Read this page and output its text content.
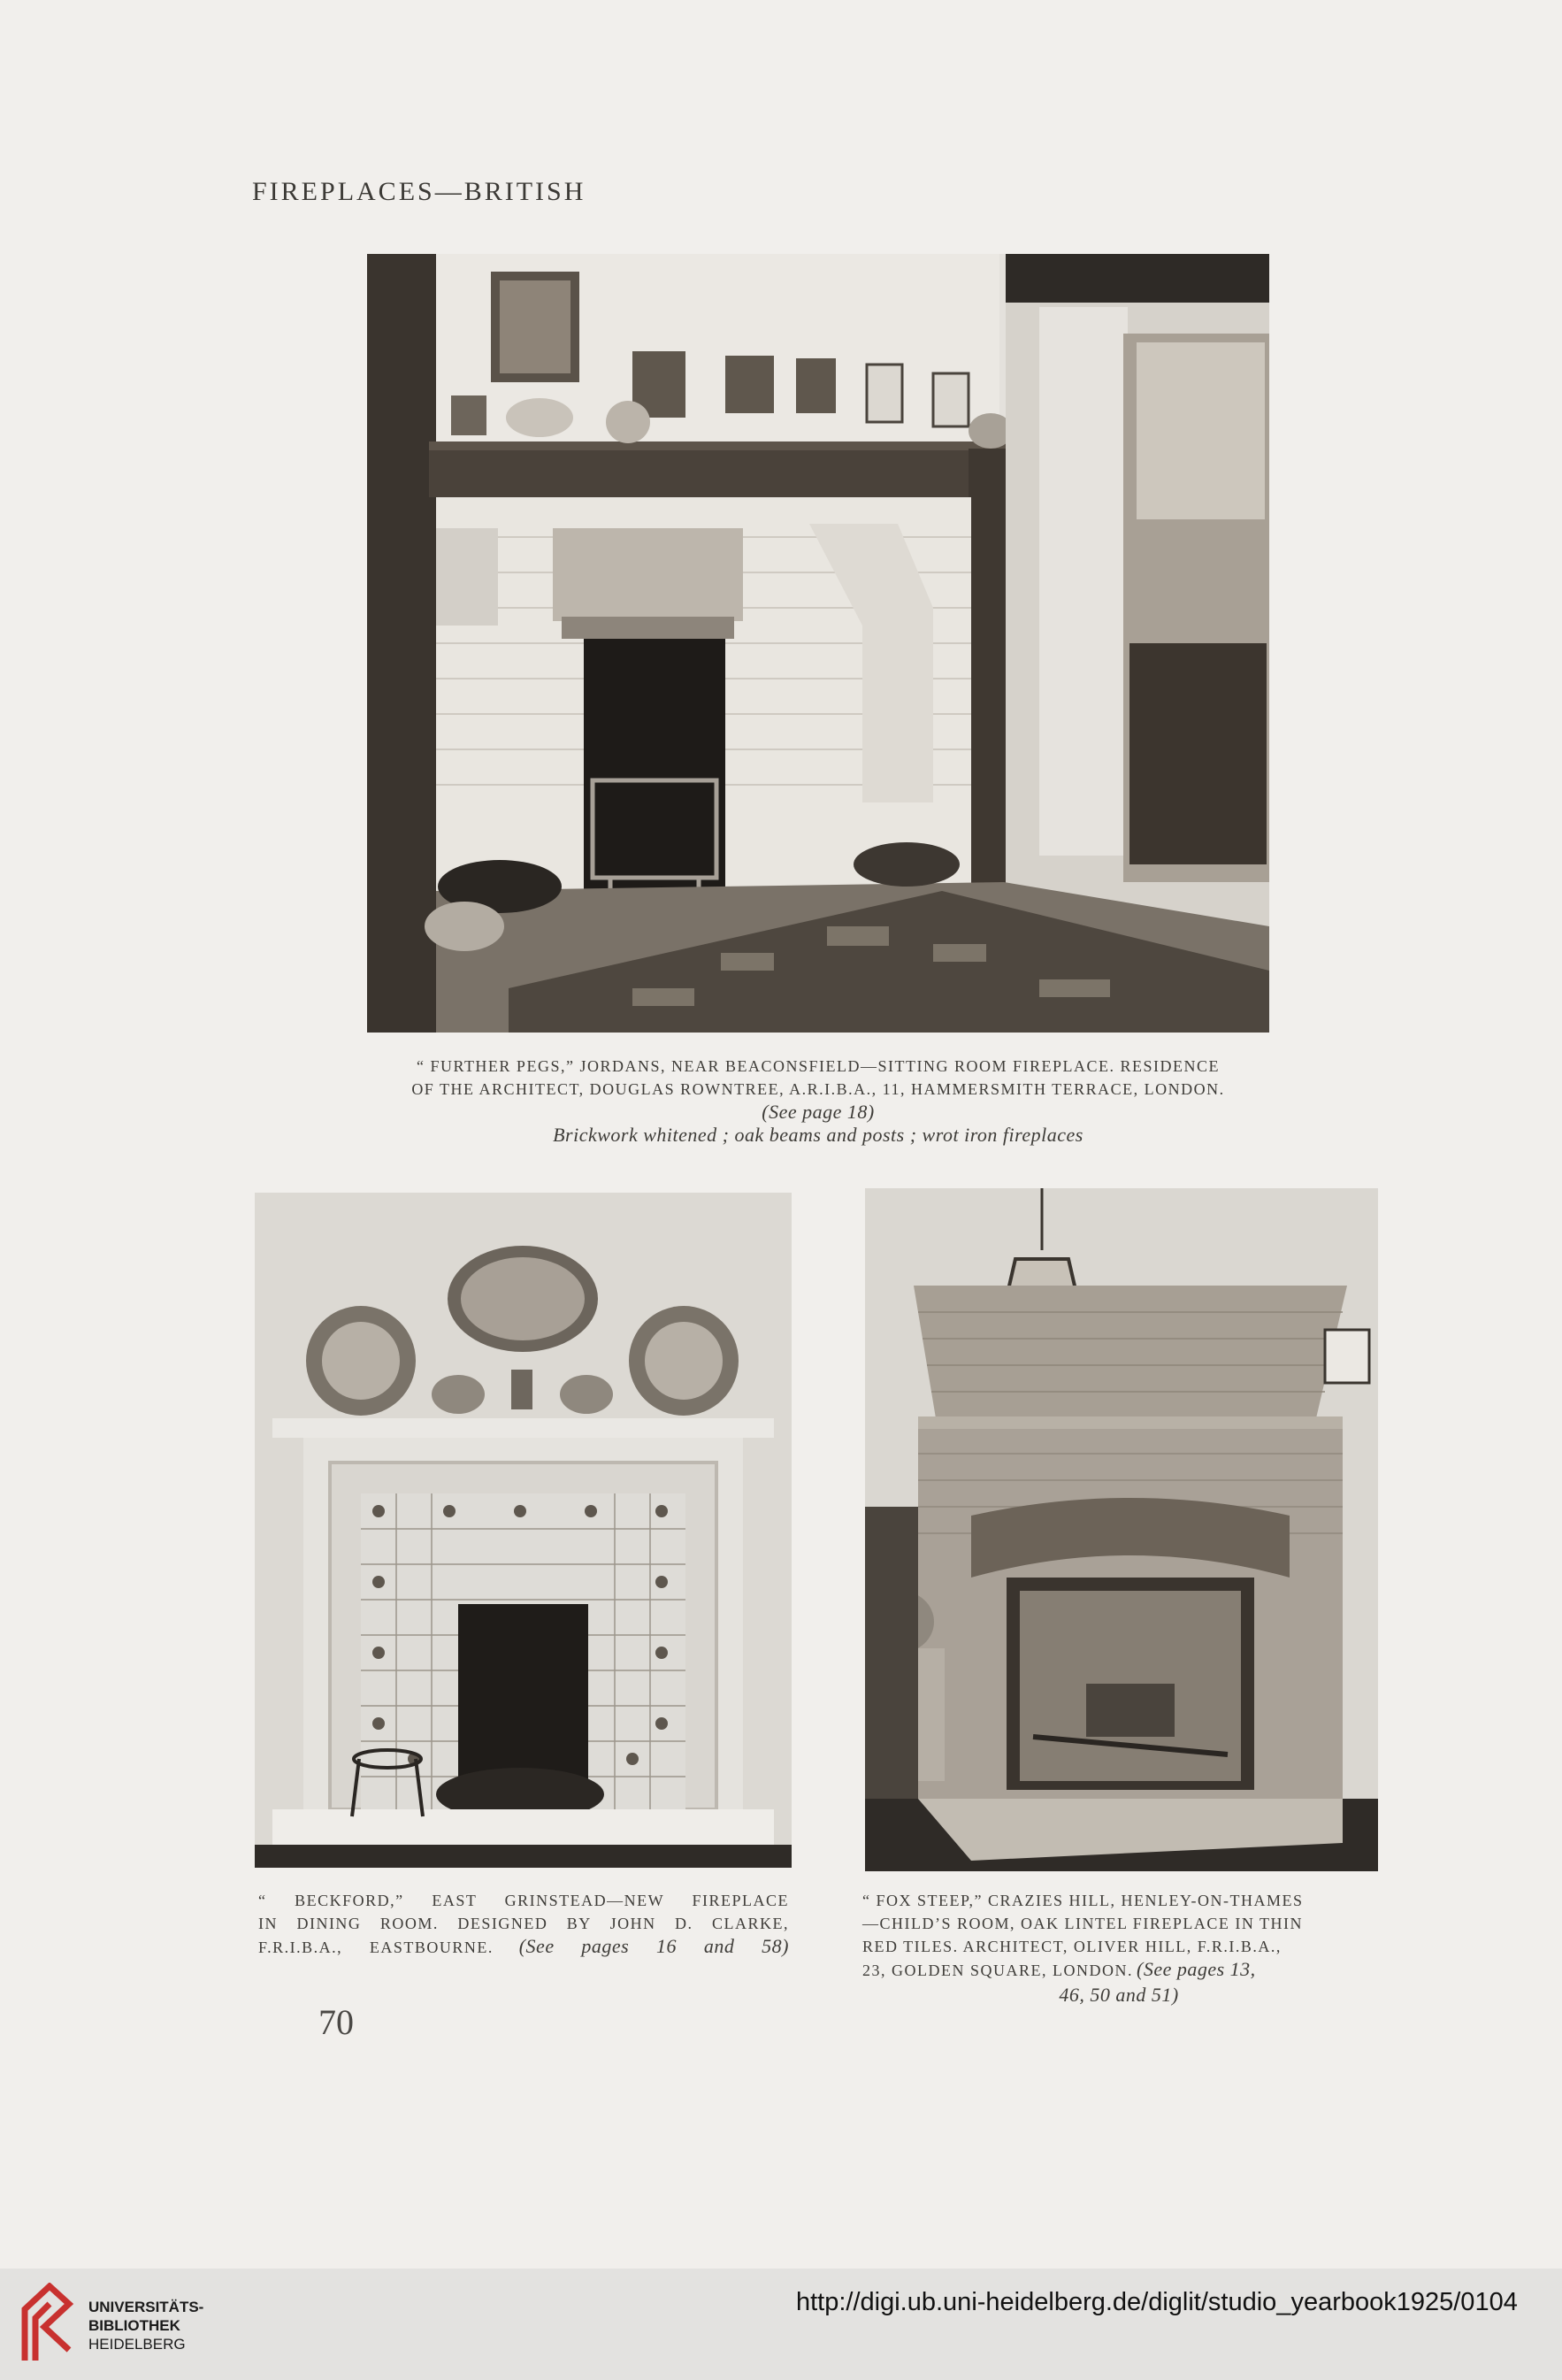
FIREPLACES—BRITISH
“ FURTHER PEGS,” JORDANS, NEAR BEACONSFIELD—SITTING ROOM FIREPLACE. RESIDENCE
OF THE ARCHITECT, DOUGLAS ROWNTREE, A.R.I.B.A., 11, HAMMERSMITH TERRACE, LONDON.
(See page 18)
Brickwork whitened ; oak beams and posts ; wrot iron fireplaces
“ BECKFORD,” EAST GRINSTEAD—NEW FIREPLACE
IN DINING ROOM. DESIGNED BY JOHN D. CLARKE,
F.R.I.B.A., EASTBOURNE. (See pages 16 and 58)
“ FOX STEEP,” CRAZIES HILL, HENLEY-ON-THAMES
—CHILD’S ROOM, OAK LINTEL FIREPLACE IN THIN
RED TILES. ARCHITECT, OLIVER HILL, F.R.I.B.A.,
23, GOLDEN SQUARE, LONDON. (See pages 13,
46, 50 and 51)
70
UNIVERSITÄTS-
BIBLIOTHEK
HEIDELBERG
http://digi.ub.uni-heidelberg.de/diglit/studio_yearbook1925/0104
